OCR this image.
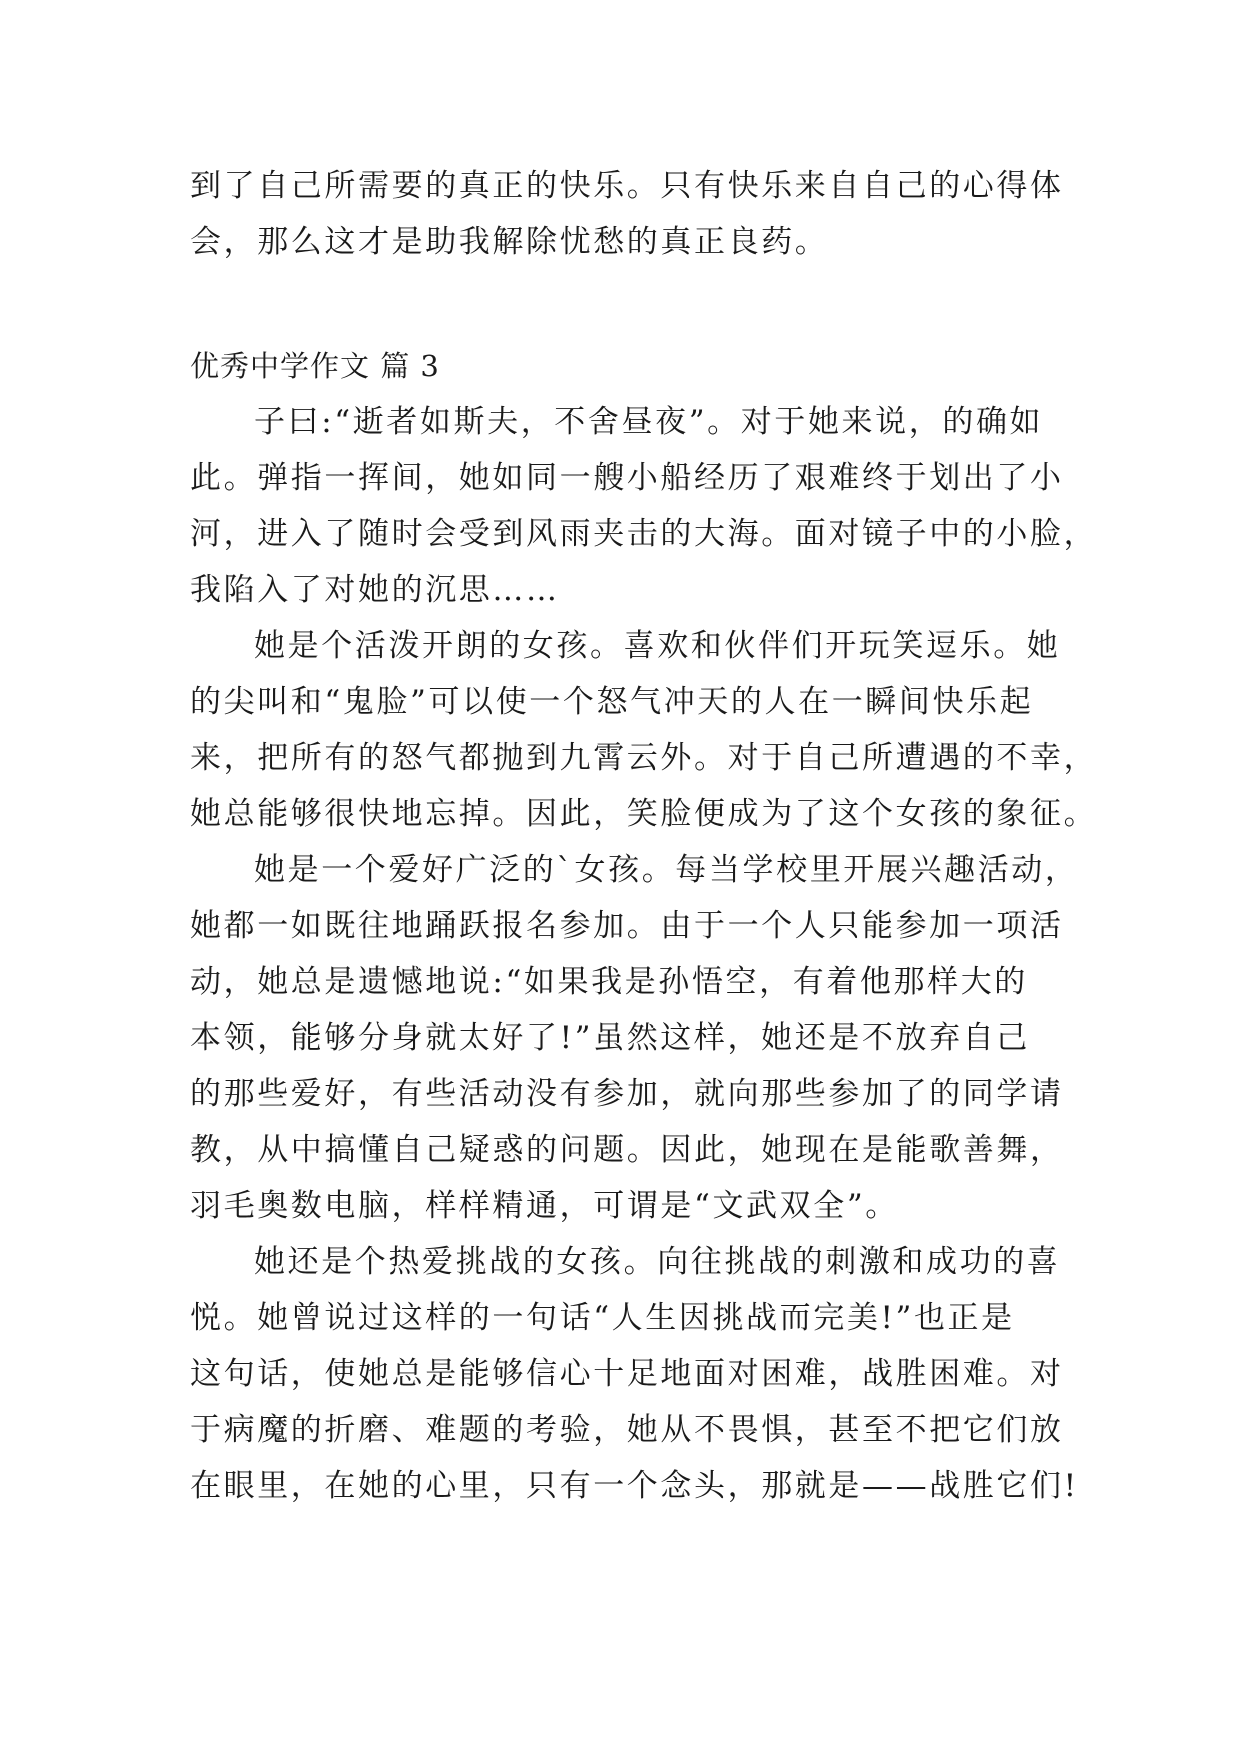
到了自己所需要的真正的快乐。只有快乐来自自己的心得体
会，那么这才是助我解除忧愁的真正良药。
优秀中学作文 篇 3
子曰:“逝者如斯夫，不舍昼夜”。对于她来说，的确如
此。弹指一挥间，她如同一艘小船经历了艰难终于划出了小
河，进入了随时会受到风雨夹击的大海。面对镜子中的小脸，
我陷入了对她的沉思……
她是个活泼开朗的女孩。喜欢和伙伴们开玩笑逗乐。她
的尖叫和“鬼脸”可以使一个怒气冲天的人在一瞬间快乐起
来，把所有的怒气都抛到九霄云外。对于自己所遭遇的不幸，
她总能够很快地忘掉。因此，笑脸便成为了这个女孩的象征。
她是一个爱好广泛的`女孩。每当学校里开展兴趣活动，
她都一如既往地踊跃报名参加。由于一个人只能参加一项活
动，她总是遗憾地说:“如果我是孙悟空，有着他那样大的
本领，能够分身就太好了!”虽然这样，她还是不放弃自己
的那些爱好，有些活动没有参加，就向那些参加了的同学请
教，从中搞懂自己疑惑的问题。因此，她现在是能歌善舞，
羽毛奥数电脑，样样精通，可谓是“文武双全”。
她还是个热爱挑战的女孩。向往挑战的刺激和成功的喜
悦。她曾说过这样的一句话“人生因挑战而完美!”也正是
这句话，使她总是能够信心十足地面对困难，战胜困难。对
于病魔的折磨、难题的考验，她从不畏惧，甚至不把它们放
在眼里，在她的心里，只有一个念头，那就是——战胜它们!
